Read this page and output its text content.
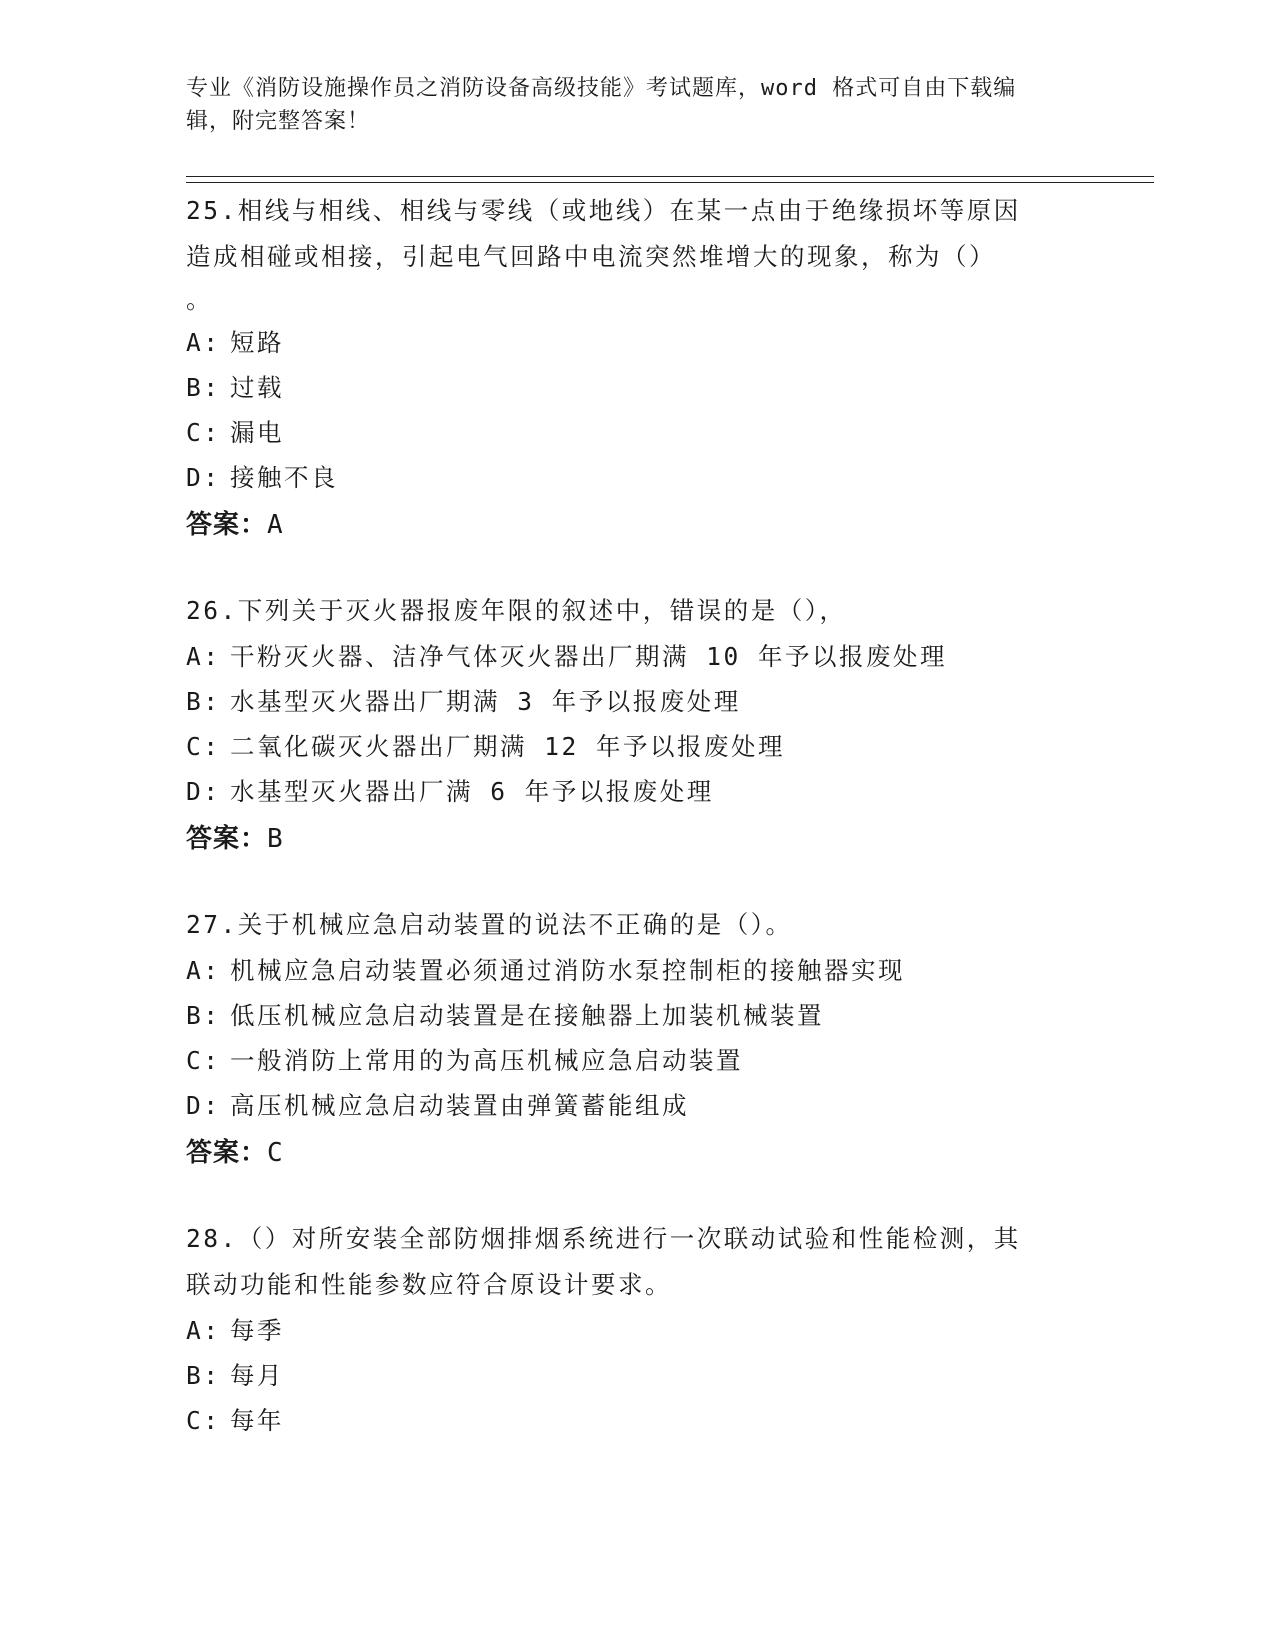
专业《消防设施操作员之消防设备高级技能》考试题库，word 格式可自由下载编
辑，附完整答案！
25.相线与相线、相线与零线（或地线）在某一点由于绝缘损坏等原因
造成相碰或相接，引起电气回路中电流突然堆增大的现象，称为（）
。
A: 短路
B: 过载
C: 漏电
D: 接触不良
答案：A
26.下列关于灭火器报废年限的叙述中，错误的是（），
A: 干粉灭火器、洁净气体灭火器出厂期满 10 年予以报废处理
B: 水基型灭火器出厂期满 3 年予以报废处理
C: 二氧化碳灭火器出厂期满 12 年予以报废处理
D: 水基型灭火器出厂满 6 年予以报废处理
答案：B
27.关于机械应急启动装置的说法不正确的是（）。
A: 机械应急启动装置必须通过消防水泵控制柜的接触器实现
B: 低压机械应急启动装置是在接触器上加装机械装置
C: 一般消防上常用的为高压机械应急启动装置
D: 高压机械应急启动装置由弹簧蓄能组成
答案：C
28.（）对所安装全部防烟排烟系统进行一次联动试验和性能检测，其
联动功能和性能参数应符合原设计要求。
A: 每季
B: 每月
C: 每年
